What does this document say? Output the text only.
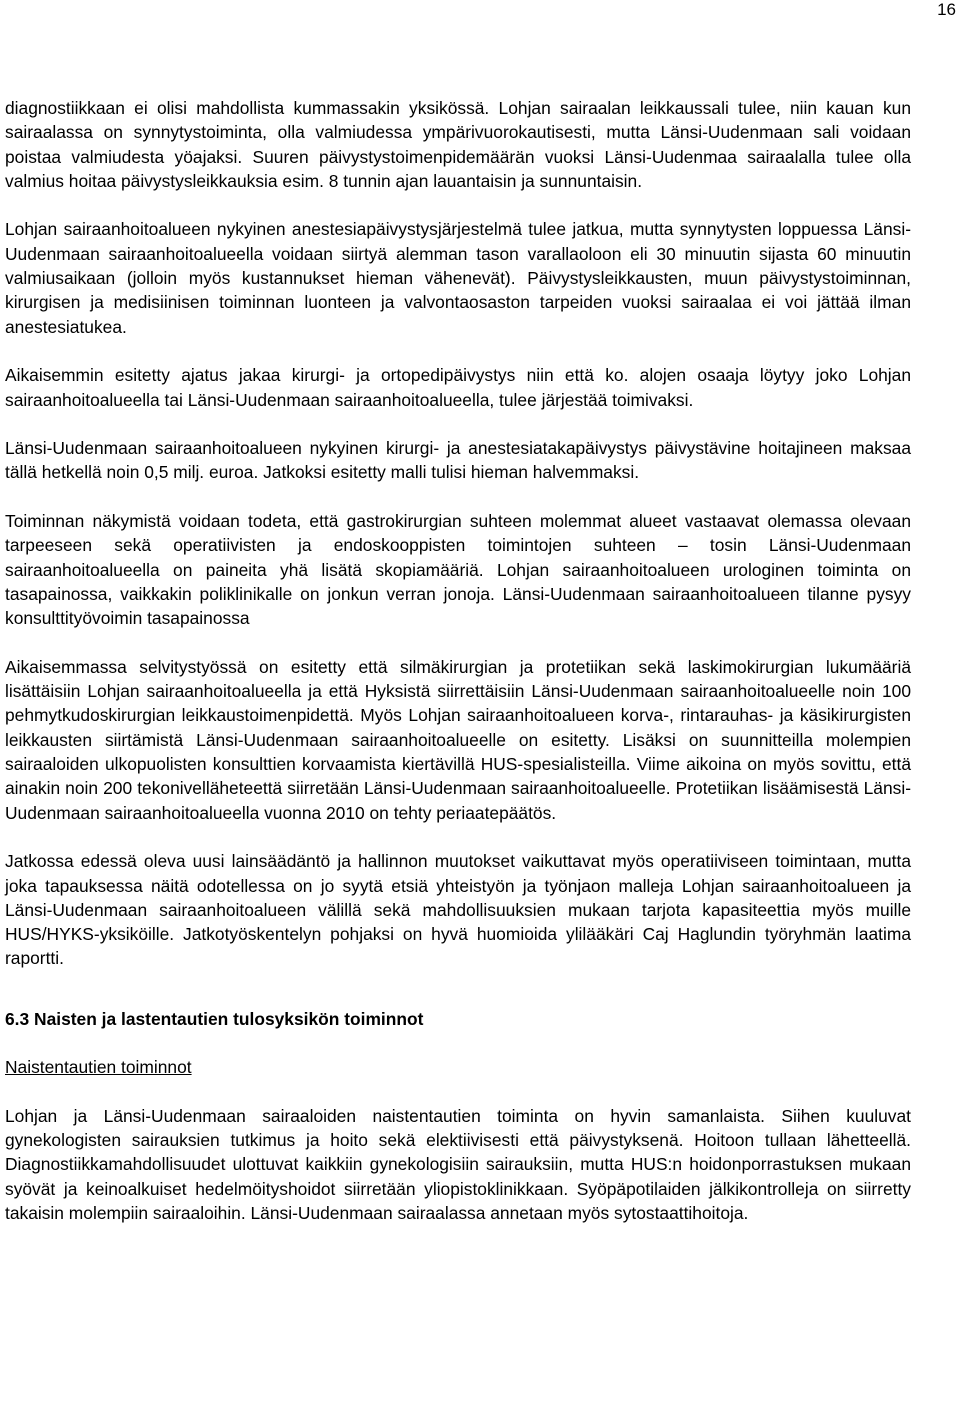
16

diagnostiikkaan ei olisi mahdollista kummassakin yksikössä. Lohjan sairaalan leikkaussali tulee, niin kauan kun sairaalassa on synnytystoiminta, olla valmiudessa ympärivuorokautisesti, mutta Länsi-Uudenmaan sali voidaan poistaa valmiudesta yöajaksi. Suuren päivystystoimenpidemäärän vuoksi Länsi-Uudenmaa sairaalalla tulee olla valmius hoitaa päivystysleikkauksia esim. 8 tunnin ajan lauantaisin ja sunnuntaisin.

Lohjan sairaanhoitoalueen nykyinen anestesiapäivystysjärjestelmä tulee jatkua, mutta synnytysten loppuessa Länsi-Uudenmaan sairaanhoitoalueella voidaan siirtyä alemman tason varallaoloon eli 30 minuutin sijasta 60 minuutin valmiusaikaan (jolloin myös kustannukset hieman vähenevät). Päivystysleikkausten, muun päivystystoiminnan, kirurgisen ja medisiinisen toiminnan luonteen ja valvontaosaston tarpeiden vuoksi sairaalaa ei voi jättää ilman anestesiatukea.

Aikaisemmin esitetty ajatus jakaa kirurgi- ja ortopedipäivystys niin että ko. alojen osaaja löytyy joko Lohjan sairaanhoitoalueella tai Länsi-Uudenmaan sairaanhoitoalueella, tulee järjestää toimivaksi.

Länsi-Uudenmaan sairaanhoitoalueen nykyinen kirurgi- ja anestesiatakapäivystys päivystävine hoitajineen maksaa tällä hetkellä noin 0,5 milj. euroa. Jatkoksi esitetty malli tulisi hieman halvemmaksi.

Toiminnan näkymistä voidaan todeta, että gastrokirurgian suhteen molemmat alueet vastaavat olemassa olevaan tarpeeseen sekä operatiivisten ja endoskooppisten toimintojen suhteen – tosin Länsi-Uudenmaan sairaanhoitoalueella on paineita yhä lisätä skopiamääriä. Lohjan sairaanhoitoalueen urologinen toiminta on tasapainossa, vaikkakin poliklinikalle on jonkun verran jonoja. Länsi-Uudenmaan sairaanhoitoalueen tilanne pysyy konsulttityövoimin tasapainossa

Aikaisemmassa selvitystyössä on esitetty että silmäkirurgian ja protetiikan sekä laskimokirurgian lukumääriä lisättäisiin Lohjan sairaanhoitoalueella ja että Hyksistä siirrettäisiin Länsi-Uudenmaan sairaanhoitoalueelle noin 100 pehmytkudoskirurgian leikkaustoimenpidettä. Myös Lohjan sairaanhoitoalueen korva-, rintarauhas- ja käsikirurgisten leikkausten siirtämistä Länsi-Uudenmaan sairaanhoitoalueelle on esitetty. Lisäksi on suunnitteilla molempien sairaaloiden ulkopuolisten konsulttien korvaamista kiertävillä HUS-spesialisteilla. Viime aikoina on myös sovittu, että ainakin noin 200 tekonivelläheteettä siirretään Länsi-Uudenmaan sairaanhoitoalueelle. Protetiikan lisäämisestä Länsi-Uudenmaan sairaanhoitoalueella vuonna 2010 on tehty periaatepäätös.

Jatkossa edessä oleva uusi lainsäädäntö ja hallinnon muutokset vaikuttavat myös operatiiviseen toimintaan, mutta joka tapauksessa näitä odotellessa on jo syytä etsiä yhteistyön ja työnjaon malleja Lohjan sairaanhoitoalueen ja Länsi-Uudenmaan sairaanhoitoalueen välillä sekä mahdollisuuksien mukaan tarjota kapasiteettia myös muille HUS/HYKS-yksiköille. Jatkotyöskentelyn pohjaksi on hyvä huomioida ylilääkäri Caj Haglundin työryhmän laatima raportti.

6.3 Naisten ja lastentautien tulosyksikön toiminnot
Naistentautien toiminnot

Lohjan ja Länsi-Uudenmaan sairaaloiden naistentautien toiminta on hyvin samanlaista. Siihen kuuluvat gynekologisten sairauksien tutkimus ja hoito sekä elektiivisesti että päivystyksenä. Hoitoon tullaan lähetteellä. Diagnostiikkamahdollisuudet ulottuvat kaikkiin gynekologisiin sairauksiin, mutta HUS:n hoidonporrastuksen mukaan syövät ja keinoalkuiset hedelmöityshoidot siirretään yliopistoklinikkaan. Syöpäpotilaiden jälkikontrolleja on siirretty takaisin molempiin sairaaloihin. Länsi-Uudenmaan sairaalassa annetaan myös sytostaattihoitoja.
